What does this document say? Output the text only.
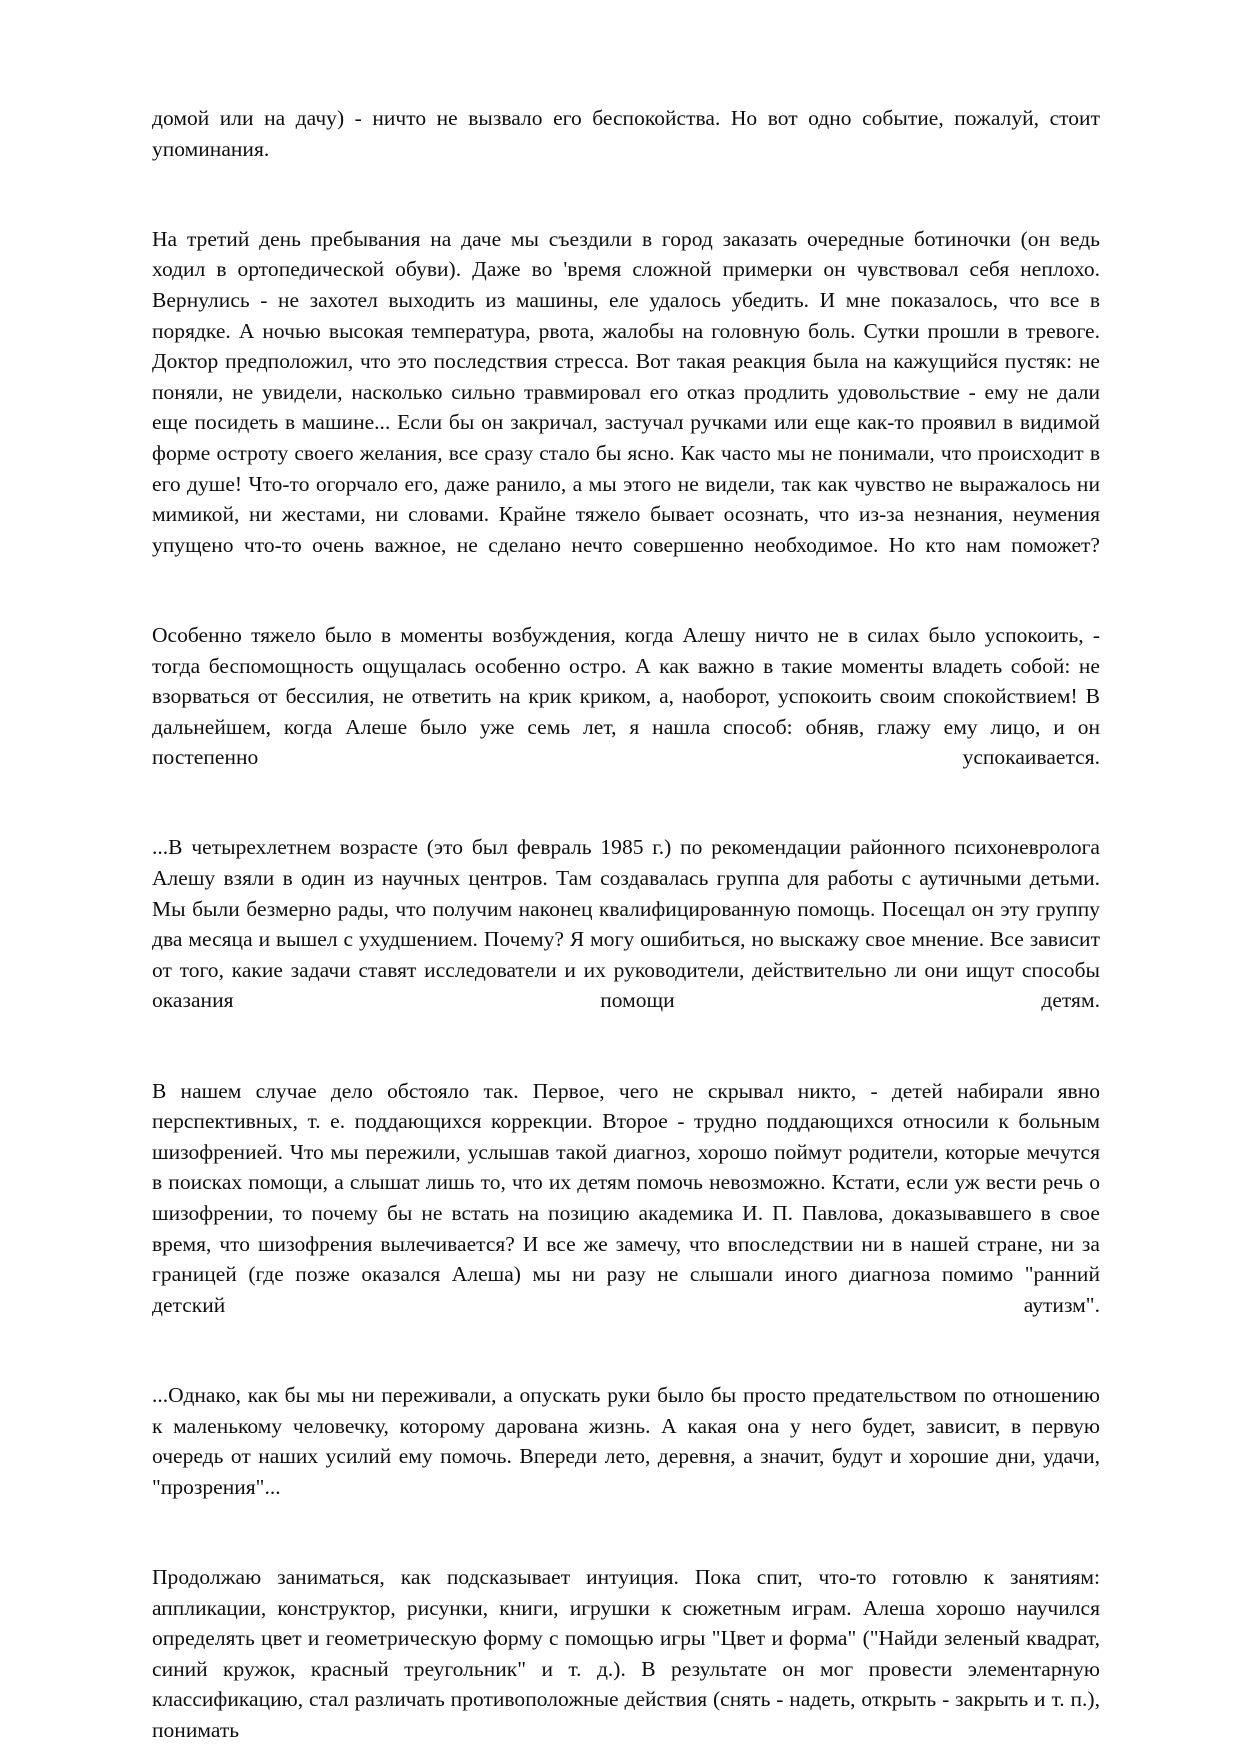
домой или на дачу) - ничто не вызвало его беспокойства. Но вот одно событие, пожалуй, стоит упоминания.

На третий день пребывания на даче мы съездили в город заказать очередные ботиночки (он ведь ходил в ортопедической обуви). Даже во 'время сложной примерки он чувствовал себя неплохо. Вернулись - не захотел выходить из машины, еле удалось убедить. И мне показалось, что все в порядке. А ночью высокая температура, рвота, жалобы на головную боль. Сутки прошли в тревоге. Доктор предположил, что это последствия стресса. Вот такая реакция была на кажущийся пустяк: не поняли, не увидели, насколько сильно травмировал его отказ продлить удовольствие - ему не дали еще посидеть в машине... Если бы он закричал, застучал ручками или еще как-то проявил в видимой форме остроту своего желания, все сразу стало бы ясно. Как часто мы не понимали, что происходит в его душе! Что-то огорчало его, даже ранило, а мы этого не видели, так как чувство не выражалось ни мимикой, ни жестами, ни словами. Крайне тяжело бывает осознать, что из-за незнания, неумения упущено что-то очень важное, не сделано нечто совершенно необходимое. Но кто нам поможет?

Особенно тяжело было в моменты возбуждения, когда Алешу ничто не в силах было успокоить, - тогда беспомощность ощущалась особенно остро. А как важно в такие моменты владеть собой: не взорваться от бессилия, не ответить на крик криком, а, наоборот, успокоить своим спокойствием! В дальнейшем, когда Алеше было уже семь лет, я нашла способ: обняв, глажу ему лицо, и он постепенно успокаивается.

...В четырехлетнем возрасте (это был февраль 1985 г.) по рекомендации районного психоневролога Алешу взяли в один из научных центров. Там создавалась группа для работы с аутичными детьми. Мы были безмерно рады, что получим наконец квалифицированную помощь. Посещал он эту группу два месяца и вышел с ухудшением. Почему? Я могу ошибиться, но выскажу свое мнение. Все зависит от того, какие задачи ставят исследователи и их руководители, действительно ли они ищут способы оказания помощи детям.

В нашем случае дело обстояло так. Первое, чего не скрывал никто, - детей набирали явно перспективных, т. е. поддающихся коррекции. Второе - трудно поддающихся относили к больным шизофренией. Что мы пережили, услышав такой диагноз, хорошо поймут родители, которые мечутся в поисках помощи, а слышат лишь то, что их детям помочь невозможно. Кстати, если уж вести речь о шизофрении, то почему бы не встать на позицию академика И. П. Павлова, доказывавшего в свое время, что шизофрения вылечивается? И все же замечу, что впоследствии ни в нашей стране, ни за границей (где позже оказался Алеша) мы ни разу не слышали иного диагноза помимо "ранний детский аутизм".

...Однако, как бы мы ни переживали, а опускать руки было бы просто предательством по отношению к маленькому человечку, которому дарована жизнь. А какая она у него будет, зависит, в первую очередь от наших усилий ему помочь. Впереди лето, деревня, а значит, будут и хорошие дни, удачи, "прозрения"...

Продолжаю заниматься, как подсказывает интуиция. Пока спит, что-то готовлю к занятиям: аппликации, конструктор, рисунки, книги, игрушки к сюжетным играм. Алеша хорошо научился определять цвет и геометрическую форму с помощью игры "Цвет и форма" ("Найди зеленый квадрат, синий кружок, красный треугольник" и т. д.). В результате он мог провести элементарную классификацию, стал различать противоположные действия (снять - надеть, открыть - закрыть и т. п.), понимать
